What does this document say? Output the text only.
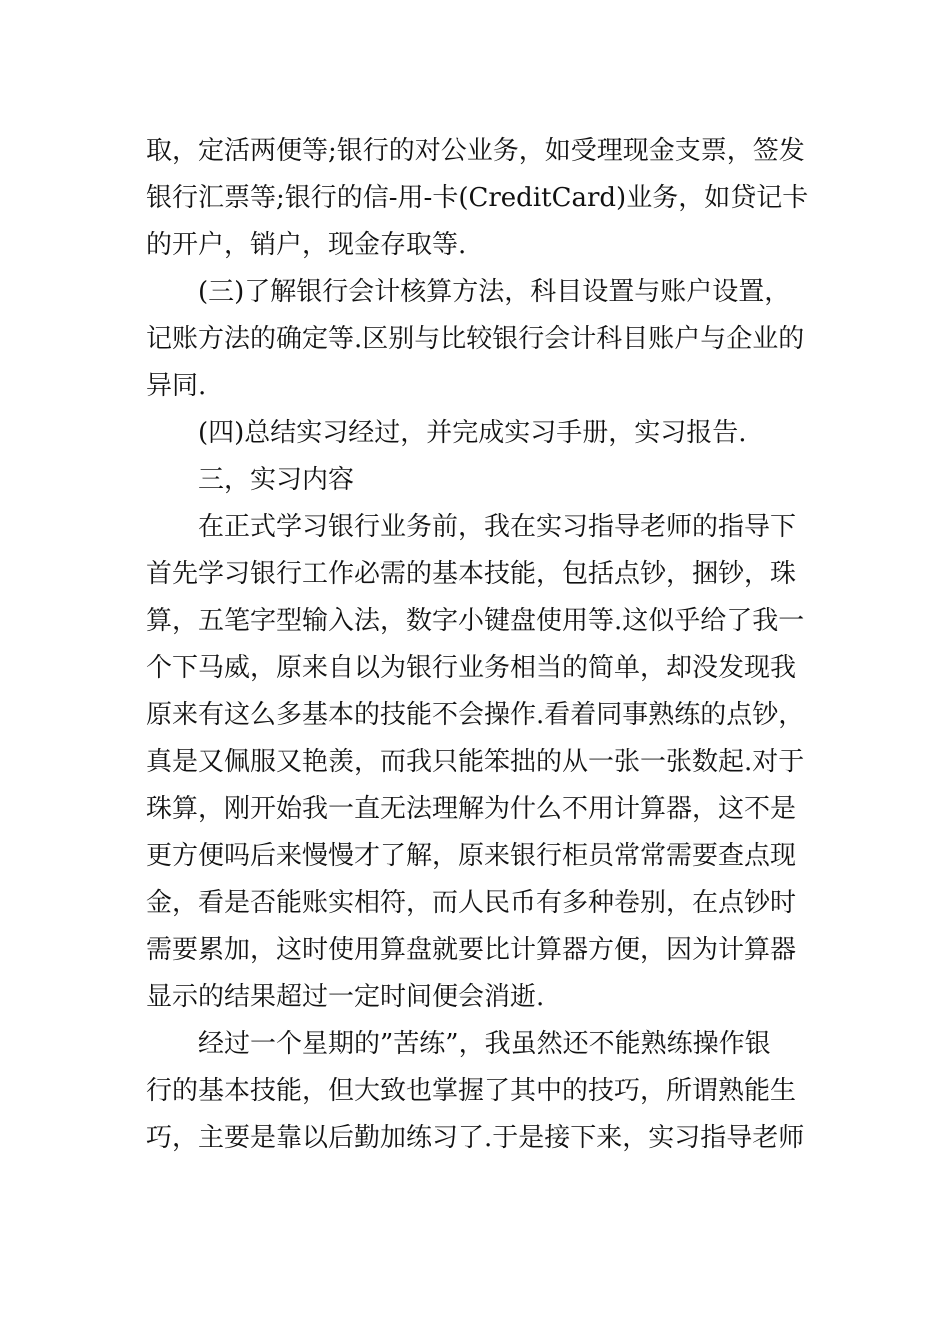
取，定活两便等;银行的对公业务，如受理现金支票，签发
银行汇票等;银行的信-用-卡(CreditCard)业务，如贷记卡
的开户，销户，现金存取等.
(三)了解银行会计核算方法，科目设置与账户设置，
记账方法的确定等.区别与比较银行会计科目账户与企业的
异同.
(四)总结实习经过，并完成实习手册，实习报告.
三，实习内容
在正式学习银行业务前，我在实习指导老师的指导下
首先学习银行工作必需的基本技能，包括点钞，捆钞，珠
算，五笔字型输入法，数字小键盘使用等.这似乎给了我一
个下马威，原来自以为银行业务相当的简单，却没发现我
原来有这么多基本的技能不会操作.看着同事熟练的点钞，
真是又佩服又艳羡，而我只能笨拙的从一张一张数起.对于
珠算，刚开始我一直无法理解为什么不用计算器，这不是
更方便吗后来慢慢才了解，原来银行柜员常常需要查点现
金，看是否能账实相符，而人民币有多种卷别，在点钞时
需要累加，这时使用算盘就要比计算器方便，因为计算器
显示的结果超过一定时间便会消逝.
经过一个星期的”苦练”，我虽然还不能熟练操作银
行的基本技能，但大致也掌握了其中的技巧，所谓熟能生
巧，主要是靠以后勤加练习了.于是接下来，实习指导老师
